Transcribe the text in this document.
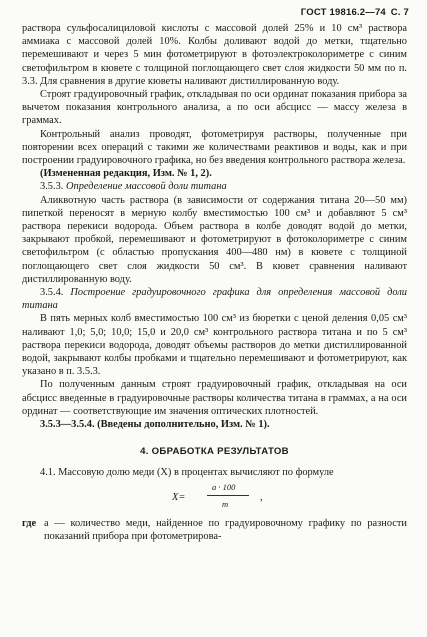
ГОСТ 19816.2—74 С. 7

раствора сульфосалициловой кислоты с массовой долей 25% и 10 см³ раствора аммиака с массовой долей 10%. Колбы доливают водой до метки, тщательно перемешивают и через 5 мин фотометрируют в фотоэлектроколориметре с синим светофильтром в кювете с толщиной поглощающего свет слоя жидкости 50 мм по п. 3.3. Для сравнения в другие кюветы наливают дистиллированную воду.

Строят градуировочный график, откладывая по оси ординат показания прибора за вычетом показания контрольного анализа, а по оси абсцисс — массу железа в граммах.

Контрольный анализ проводят, фотометрируя растворы, полученные при повторении всех операций с такими же количествами реактивов и воды, как и при построении градуировочного графика, но без введения контрольного раствора железа.

(Измененная редакция, Изм. № 1, 2).

3.5.3. Определение массовой доли титана

Аликвотную часть раствора (в зависимости от содержания титана 20—50 мм) пипеткой переносят в мерную колбу вместимостью 100 см³ и добавляют 5 см³ раствора перекиси водорода. Объем раствора в колбе доводят водой до метки, закрывают пробкой, перемешивают и фотометрируют в фотоколориметре с синим светофильтром (с областью пропускания 400—480 нм) в кювете с толщиной поглощающего свет слоя жидкости 50 см³. В кювет сравнения наливают дистиллированную воду.

3.5.4. Построение градуировочного графика для определения массовой доли титана

В пять мерных колб вместимостью 100 см³ из бюретки с ценой деления 0,05 см³ наливают 1,0; 5,0; 10,0; 15,0 и 20,0 см³ контрольного раствора титана и по 5 см³ раствора перекиси водорода, доводят объемы растворов до метки дистиллированной водой, закрывают колбы пробками и тщательно перемешивают и фотометрируют, как указано в п. 3.5.3.

По полученным данным строят градуировочный график, откладывая на оси абсцисс введенные в градуировочные растворы количества титана в граммах, а на оси ординат — соответствующие им значения оптических плотностей.

3.5.3—3.5.4. (Введены дополнительно, Изм. № 1).

4. ОБРАБОТКА РЕЗУЛЬТАТОВ

4.1. Массовую долю меди (X) в процентах вычисляют по формуле

X=
a · 100
m
,
где a — количество меди, найденное по градуировочному графику по разности показаний прибора при фотометрирова-
